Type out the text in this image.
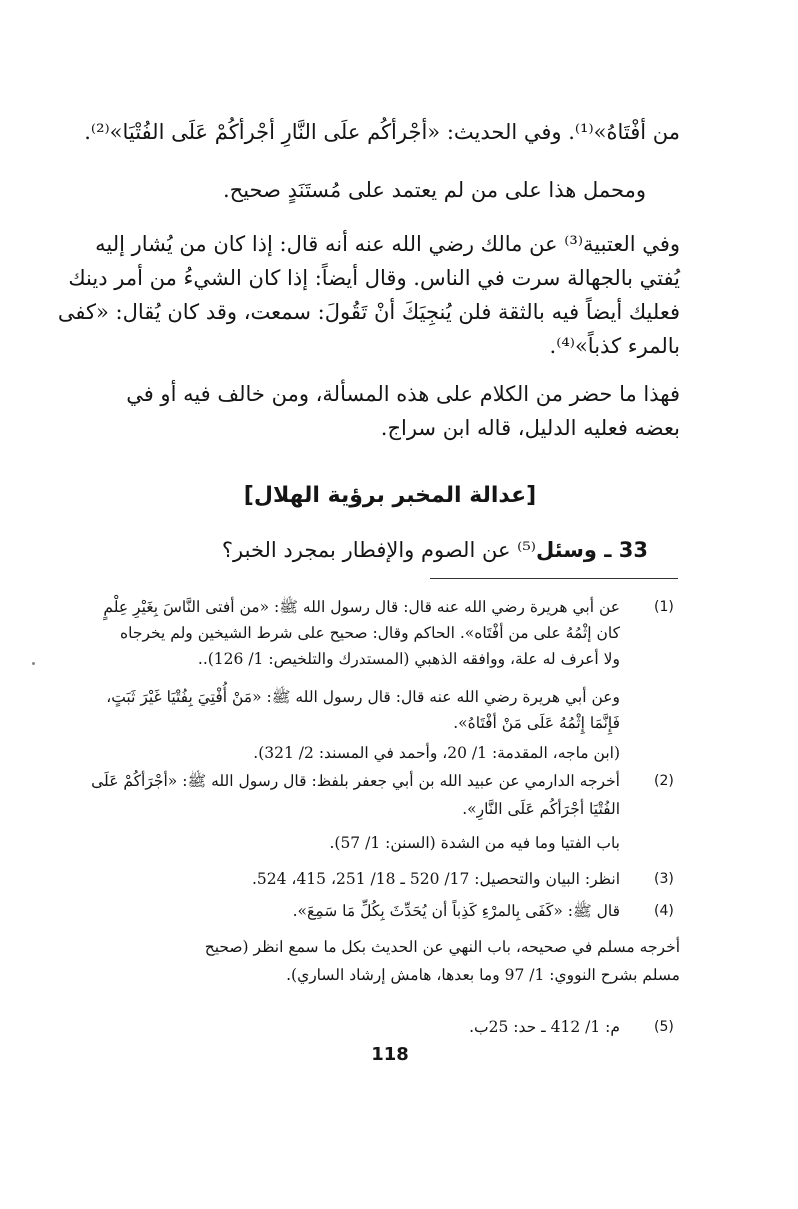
من أفْتَاهُ»⁽¹⁾. وفي الحديث: «أجْرأكُم علَى النَّارِ أجْرأكُمْ عَلَى الفُتْيَا»⁽²⁾.
ومحمل هذا على من لم يعتمد على مُستَنَدٍ صحيح.
وفي العتبية⁽³⁾ عن مالك رضي الله عنه أنه قال: إذا كان من يُشار إليه
يُفتي بالجهالة سرت في الناس. وقال أيضاً: إذا كان الشيءُ من أمر دينك
فعليك أيضاً فيه بالثقة فلن يُنجِيَكَ أنْ تَقُولَ: سمعت، وقد كان يُقال: «كفى
بالمرء كذباً»⁽⁴⁾.
فهذا ما حضر من الكلام على هذه المسألة، ومن خالف فيه أو في
بعضه فعليه الدليل، قاله ابن سراج.
[عدالة المخبر برؤية الهلال]
33 ـ وسئل⁽⁵⁾ عن الصوم والإفطار بمجرد الخبر؟
(1)
(2)
(3)
(4)
(5)
عن أبي هريرة رضي الله عنه قال: قال رسول الله ﷺ: «من أفتى النَّاسَ بِغَيْرِ عِلْمٍ
كان إثْمُهُ على من أفْتَاه». الحاكم وقال: صحيح على شرط الشيخين ولم يخرجاه
ولا أعرف له علة، ووافقه الذهبي (المستدرك والتلخيص: 1/ 126)..
وعن أبي هريرة رضي الله عنه قال: قال رسول الله ﷺ: «مَنْ أُفْتِيَ بِفُتْيَا غَيْرَ ثَبَتٍ،
فَإِنَّمَا إِثْمُهُ عَلَى مَنْ أفْتَاهُ».
(ابن ماجه، المقدمة: 1/ 20، وأحمد في المسند: 2/ 321).
أخرجه الدارمي عن عبيد الله بن أبي جعفر بلفظ: قال رسول الله ﷺ: «أجْرَأكُمْ عَلَى
الفُتْيَا أجْرَأكُم عَلَى النَّارِ».
باب الفتيا وما فيه من الشدة (السنن: 1/ 57).
انظر: البيان والتحصيل: 17/ 520 ـ 18/ 251، 415، 524.
قال ﷺ: «كَفَى بِالمرْءِ كَذِباً أن يُحَدِّثَ بِكُلِّ مَا سَمِعَ».
أخرجه مسلم في صحيحه، باب النهي عن الحديث بكل ما سمع انظر (صحيح
مسلم بشرح النووي: 1/ 97 وما بعدها، هامش إرشاد الساري).
م: 1/ 412 ـ حد: 25ب.
118
